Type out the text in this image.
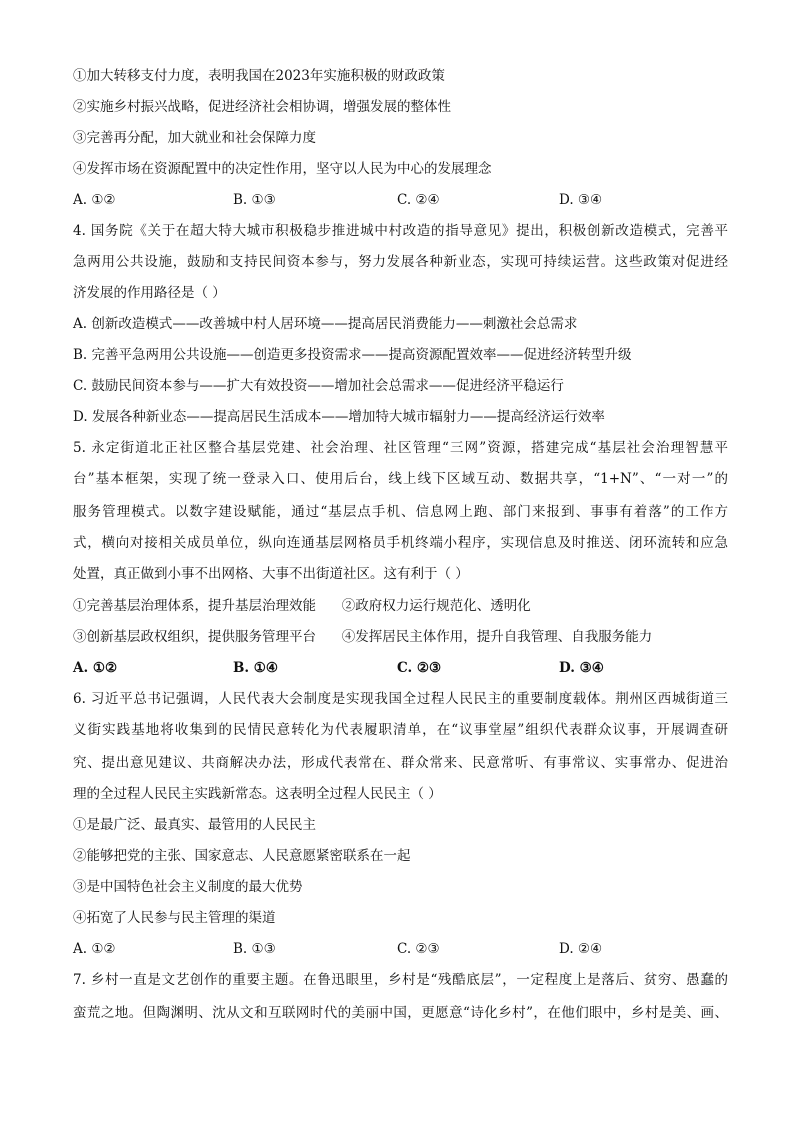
①加大转移支付力度，表明我国在2023年实施积极的财政政策
②实施乡村振兴战略，促进经济社会相协调，增强发展的整体性
③完善再分配，加大就业和社会保障力度
④发挥市场在资源配置中的决定性作用，坚守以人民为中心的发展理念
A. ①②	B. ①③	C. ②④	D. ③④
4. 国务院《关于在超大特大城市积极稳步推进城中村改造的指导意见》提出，积极创新改造模式，完善平
急两用公共设施，鼓励和支持民间资本参与，努力发展各种新业态，实现可持续运营。这些政策对促进经
济发展的作用路径是（ ）
A. 创新改造模式——改善城中村人居环境——提高居民消费能力——刺激社会总需求
B. 完善平急两用公共设施——创造更多投资需求——提高资源配置效率——促进经济转型升级
C. 鼓励民间资本参与——扩大有效投资——增加社会总需求——促进经济平稳运行
D. 发展各种新业态——提高居民生活成本——增加特大城市辐射力——提高经济运行效率
5. 永定街道北正社区整合基层党建、社会治理、社区管理“三网”资源，搭建完成“基层社会治理智慧平
台”基本框架，实现了统一登录入口、使用后台，线上线下区域互动、数据共享，“1+N”、“一对一”的
服务管理模式。以数字建设赋能，通过“基层点手机、信息网上跑、部门来报到、事事有着落”的工作方
式，横向对接相关成员单位，纵向连通基层网格员手机终端小程序，实现信息及时推送、闭环流转和应急
处置，真正做到小事不出网格、大事不出街道社区。这有利于（ ）
①完善基层治理体系，提升基层治理效能      ②政府权力运行规范化、透明化
③创新基层政权组织，提供服务管理平台      ④发挥居民主体作用，提升自我管理、自我服务能力
A. ①②	B. ①④	C. ②③	D. ③④
6. 习近平总书记强调，人民代表大会制度是实现我国全过程人民民主的重要制度载体。荆州区西城街道三
义街实践基地将收集到的民情民意转化为代表履职清单，在“议事堂屋”组织代表群众议事，开展调查研
究、提出意见建议、共商解决办法，形成代表常在、群众常来、民意常听、有事常议、实事常办、促进治
理的全过程人民民主实践新常态。这表明全过程人民民主（ ）
①是最广泛、最真实、最管用的人民民主
②能够把党的主张、国家意志、人民意愿紧密联系在一起
③是中国特色社会主义制度的最大优势
④拓宽了人民参与民主管理的渠道
A. ①②	B. ①③	C. ②③	D. ②④
7. 乡村一直是文艺创作的重要主题。在鲁迅眼里，乡村是“残酷底层”，一定程度上是落后、贫穷、愚蠢的
蛮荒之地。但陶渊明、沈从文和互联网时代的美丽中国，更愿意“诗化乡村”，在他们眼中，乡村是美、画、
